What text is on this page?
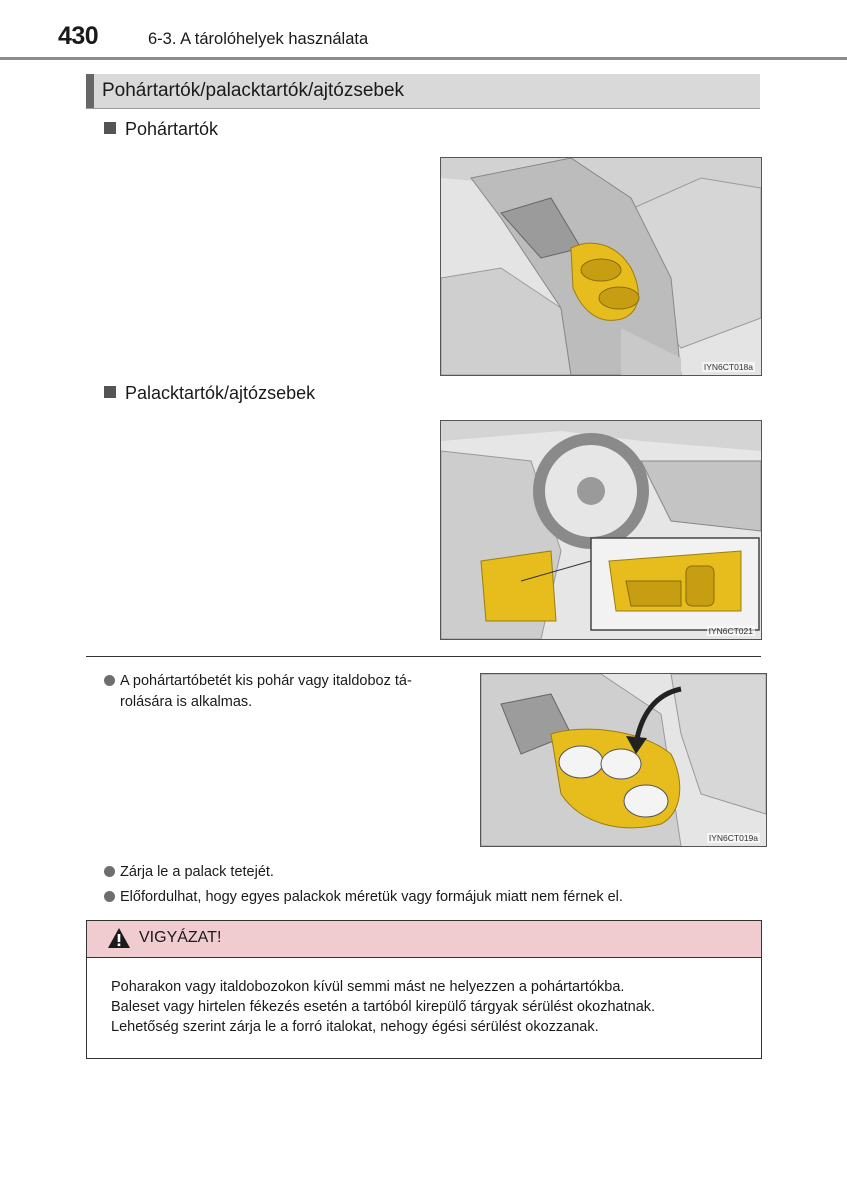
430	6-3. A tárolóhelyek használata
Pohártartók/palacktartók/ajtózsebek
Pohártartók
IYN6CT018a
Palacktartók/ajtózsebek
IYN6CT021
A pohártartóbetét kis pohár vagy italdoboz tá-
rolására is alkalmas.
IYN6CT019a
Zárja le a palack tetejét.
Előfordulhat, hogy egyes palackok méretük vagy formájuk miatt nem férnek el.
VIGYÁZAT!
Poharakon vagy italdobozokon kívül semmi mást ne helyezzen a pohártartókba.
Baleset vagy hirtelen fékezés esetén a tartóból kirepülő tárgyak sérülést okozhatnak.
Lehetőség szerint zárja le a forró italokat, nehogy égési sérülést okozzanak.
